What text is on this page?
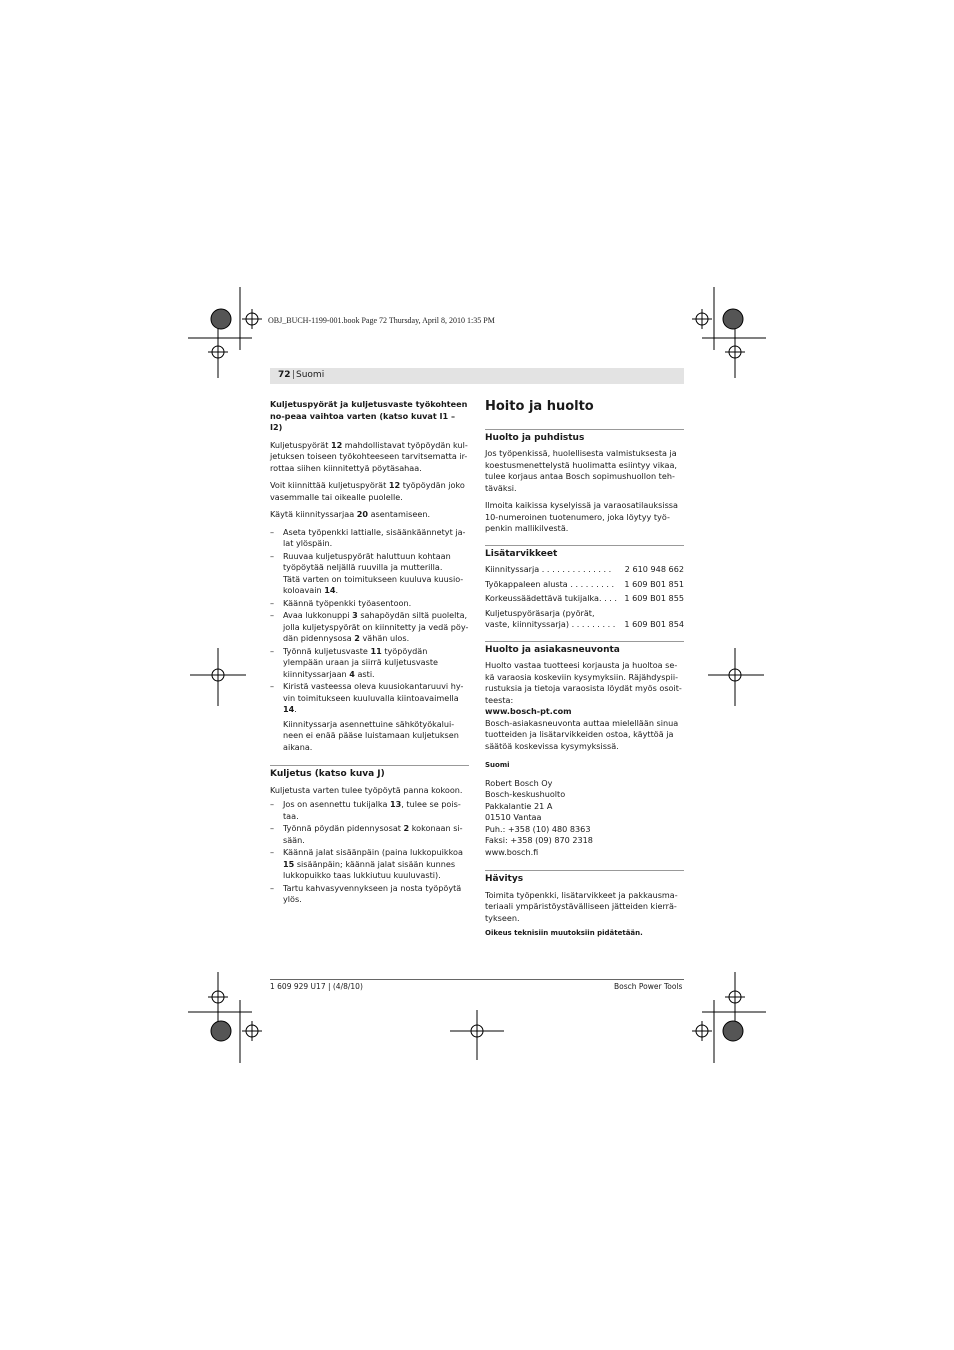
OBJ_BUCH-1199-001.book Page 72 Thursday, April 8, 2010 1:35 PM
72 | Suomi

Kuljetuspyörät ja kuljetusvaste työkohteen no-peaa vaihtoa varten (katso kuvat I1 – I2)

Kuljetuspyörät 12 mahdollistavat työpöydän kul-jetuksen toiseen työkohteeseen tarvitsematta ir-rottaa siihen kiinnitettyä pöytäsahaa.

Voit kiinnittää kuljetuspyörät 12 työpöydän joko vasemmalle tai oikealle puolelle.

Käytä kiinnityssarjaa 20 asentamiseen.

–	Aseta työpenkki lattialle, sisäänkäännetyt ja-lat ylöspäin.
–	Ruuvaa kuljetuspyörät haluttuun kohtaan työpöytää neljällä ruuvilla ja mutterilla.
Tätä varten on toimitukseen kuuluva kuusio-koloavain 14.
–	Käännä työpenkki työasentoon.
–	Avaa lukkonuppi 3 sahapöydän siltä puolelta, jolla kuljetyspyörät on kiinnitetty ja vedä pöy-dän pidennysosa 2 vähän ulos.
–	Työnnä kuljetusvaste 11 työpöydän ylempään uraan ja siirrä kuljetusvaste kiinnityssarjaan 4 asti.
–	Kiristä vasteessa oleva kuusiokantaruuvi hy-vin toimitukseen kuuluvalla kiintoavaimella 14.

Kiinnityssarja asennettuine sähkötyökalui-neen ei enää pääse luistamaan kuljetuksen aikana.

Kuljetus (katso kuva J)

Kuljetusta varten tulee työpöytä panna kokoon.

–	Jos on asennettu tukijalka 13, tulee se pois-taa.
–	Työnnä pöydän pidennysosat 2 kokonaan si-sään.
–	Käännä jalat sisäänpäin (paina lukkopuikkoa 15 sisäänpäin; käännä jalat sisään kunnes lukkopuikko taas lukkiutuu kuuluvasti).
–	Tartu kahvasyvennykseen ja nosta työpöytä ylös.
Hoito ja huolto
Huolto ja puhdistus

Jos työpenkissä, huolellisesta valmistuksesta ja koestusmenettelystä huolimatta esiintyy vikaa, tulee korjaus antaa Bosch sopimushuollon teh-täväksi.

Ilmoita kaikissa kyselyissä ja varaosatilauksissa 10-numeroinen tuotenumero, joka löytyy työ-penkin mallikilvestä.

Lisätarvikkeet
Kiinnityssarja . . . . . . . . . . . . . . 2 610 948 662
Työkappaleen alusta . . . . . . . . . 1 609 B01 851
Korkeussäädettävä tukijalka. . . . 1 609 B01 855
Kuljetuspyöräsarja (pyörät,
vaste, kiinnityssarja) . . . . . . . . . 1 609 B01 854
Huolto ja asiakasneuvonta

Huolto vastaa tuotteesi korjausta ja huoltoa se-kä varaosia koskeviin kysymyksiin. Räjähdyspii-rustuksia ja tietoja varaosista löydät myös osoit-teesta:

www.bosch-pt.com

Bosch-asiakasneuvonta auttaa mielellään sinua tuotteiden ja lisätarvikkeiden ostoa, käyttöä ja säätöä koskevissa kysymyksissä.

Suomi

Robert Bosch Oy

Bosch-keskushuolto

Pakkalantie 21 A

01510 Vantaa

Puh.: +358 (10) 480 8363

Faksi: +358 (09) 870 2318

www.bosch.fi

Hävitys

Toimita työpenkki, lisätarvikkeet ja pakkausma-teriaali ympäristöystävälliseen jätteiden kierrä-tykseen.

Oikeus teknisiin muutoksiin pidätetään.

1 609 929 U17 | (4/8/10)	Bosch Power Tools
